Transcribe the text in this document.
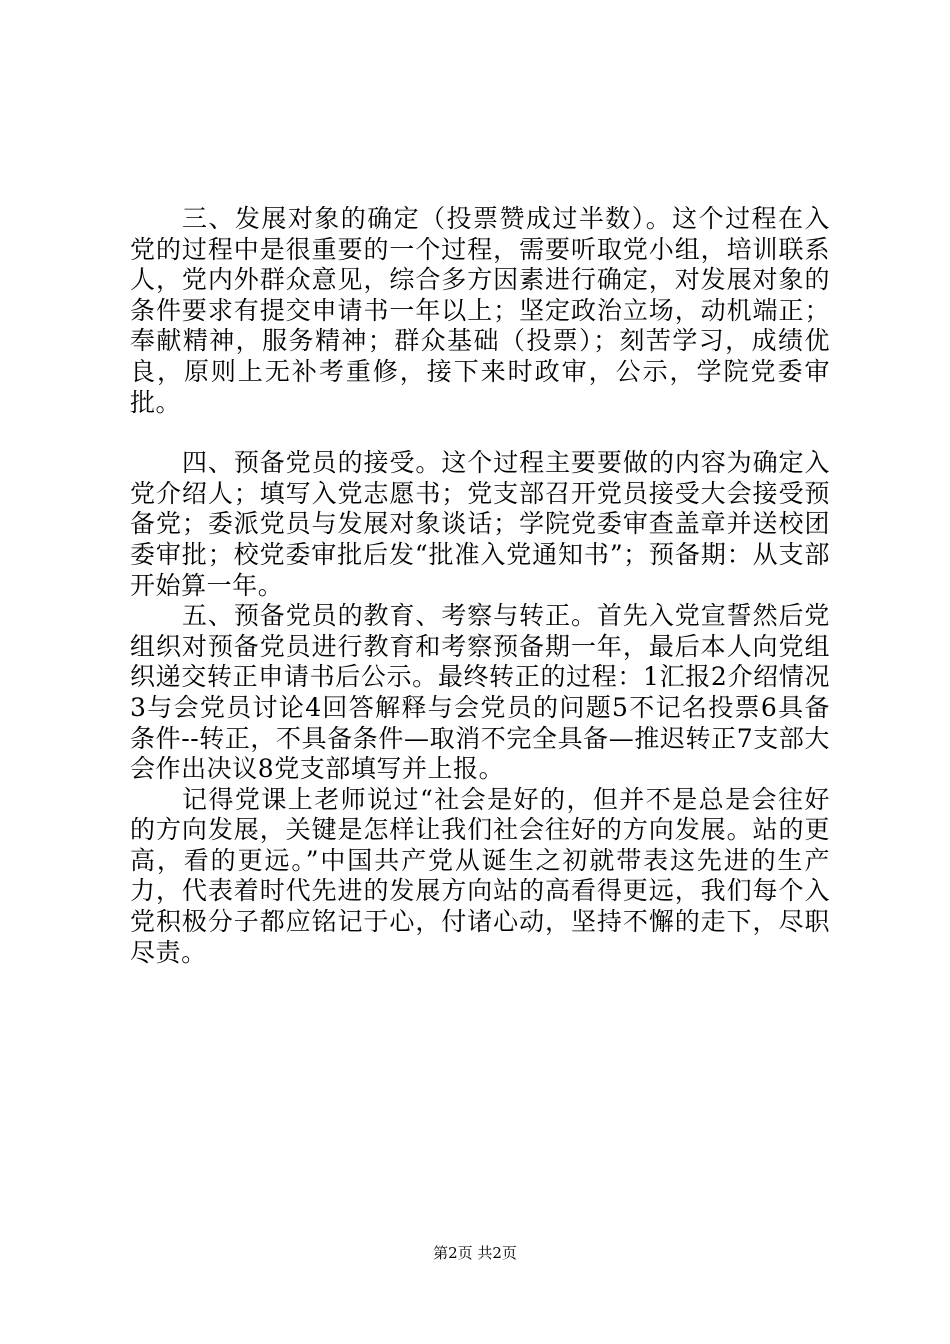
三、发展对象的确定（投票赞成过半数）。这个过程在入党的过程中是很重要的一个过程，需要听取党小组，培训联系人，党内外群众意见，综合多方因素进行确定，对发展对象的条件要求有提交申请书一年以上；坚定政治立场，动机端正；奉献精神，服务精神；群众基础（投票）；刻苦学习，成绩优良，原则上无补考重修，接下来时政审，公示，学院党委审批。

四、预备党员的接受。这个过程主要要做的内容为确定入党介绍人；填写入党志愿书；党支部召开党员接受大会接受预备党；委派党员与发展对象谈话；学院党委审查盖章并送校团委审批；校党委审批后发“批准入党通知书”；预备期：从支部开始算一年。

五、预备党员的教育、考察与转正。首先入党宣誓然后党组织对预备党员进行教育和考察预备期一年，最后本人向党组织递交转正申请书后公示。最终转正的过程：1汇报2介绍情况3与会党员讨论4回答解释与会党员的问题5不记名投票6具备条件--转正，不具备条件—取消不完全具备—推迟转正7支部大会作出决议8党支部填写并上报。

记得党课上老师说过“社会是好的，但并不是总是会往好的方向发展，关键是怎样让我们社会往好的方向发展。站的更高，看的更远。”中国共产党从诞生之初就带表这先进的生产力，代表着时代先进的发展方向站的高看得更远，我们每个入党积极分子都应铭记于心，付诸心动，坚持不懈的走下，尽职尽责。

第2页 共2页
